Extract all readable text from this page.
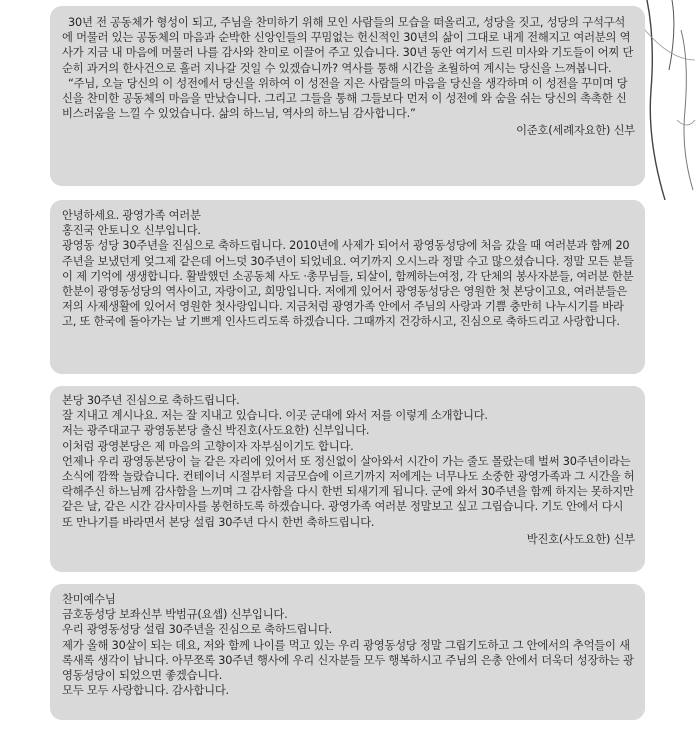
30년 전 공동체가 형성이 되고, 주님을 찬미하기 위해 모인 사람들의 모습을 떠올리고, 성당을 짓고, 성당의 구석구석에 머물러 있는 공동체의 마음과 순박한 신앙인들의 꾸밈없는 헌신적인 30년의 삶이 그대로 내게 전해지고 여러분의 역사가 지금 내 마음에 머물러 나를 감사와 찬미로 이끌어 주고 있습니다. 30년 동안 여기서 드린 미사와 기도들이 어찌 단순히 과거의 한사건으로 흘러 지나갈 것일 수 있겠습니까? 역사를 통해 시간을 초월하여 계시는 당신을 느껴봅니다.

“주님, 오늘 당신의 이 성전에서 당신을 위하여 이 성전을 지은 사람들의 마음을 당신을 생각하며 이 성전을 꾸미며 당신을 찬미한 공동체의 마음을 만났습니다. 그리고 그들을 통해 그들보다 먼저 이 성전에 와 숨을 쉬는 당신의 촉촉한 신비스러움을 느낄 수 있었습니다. 삶의 하느님, 역사의 하느님 감사합니다.”

이준호(세례자요한) 신부

안녕하세요. 광영가족 여러분

홍진국 안토니오 신부입니다.

광영동 성당 30주년을 진심으로 축하드립니다. 2010년에 사제가 되어서 광영동성당에 처음 갔을 때 여러분과 함께 20주년을 보냈던게 엊그제 같은데 어느덧 30주년이 되었네요. 여기까지 오시느라 정말 수고 많으셨습니다. 정말 모든 분들이 제 기억에 생생합니다. 활발했던 소공동체 사도 ·총무님들, 되살이, 함께하는여정, 각 단체의 봉사자분들, 여러분 한분 한분이 광영동성당의 역사이고, 자랑이고, 희망입니다. 저에게 있어서 광영동성당은 영원한 첫 본당이고요, 여러분들은 저의 사제생활에 있어서 영원한 첫사랑입니다. 지금처럼 광영가족 안에서 주님의 사랑과 기쁨 충만히 나누시기를 바라고, 또 한국에 돌아가는 날 기쁘게 인사드리도록 하겠습니다. 그때까지 건강하시고, 진심으로 축하드리고 사랑합니다.

본당 30주년 진심으로 축하드립니다.

잘 지내고 계시나요. 저는 잘 지내고 있습니다. 이곳 군대에 와서 저를 이렇게 소개합니다.

저는 광주대교구 광영동본당 출신 박진호(사도요한) 신부입니다.

이처럼 광영본당은 제 마음의 고향이자 자부심이기도 합니다.

언제나 우리 광영동본당이 늘 같은 자리에 있어서 또 정신없이 살아와서 시간이 가는 줄도 몰랐는데 벌써 30주년이라는 소식에 깜짝 놀랐습니다. 컨테이너 시절부터 지금모습에 이르기까지 저에게는 너무나도 소중한 광영가족과 그 시간을 허락해주신 하느님께 감사함을 느끼며 그 감사함을 다시 한번 되새기게 됩니다. 군에 와서 30주년을 함께 하지는 못하지만 같은 날, 같은 시간 감사미사를 봉헌하도록 하겠습니다. 광영가족 여러분 정말보고 싶고 그립습니다. 기도 안에서 다시 또 만나기를 바라면서 본당 설립 30주년 다시 한번 축하드립니다.

박진호(사도요한) 신부

찬미예수님

금호동성당 보좌신부 박범규(요셉) 신부입니다.

우리 광영동성당 설립 30주년을 진심으로 축하드립니다.

제가 올해 30살이 되는 데요, 저와 함께 나이를 먹고 있는 우리 광영동성당 정말 그립기도하고 그 안에서의 추억들이 새록새록 생각이 납니다. 아무쪼록 30주년 행사에 우리 신자분들 모두 행복하시고 주님의 은총 안에서 더욱더 성장하는 광영동성당이 되었으면 좋겠습니다.

모두 모두 사랑합니다. 감사합니다.
